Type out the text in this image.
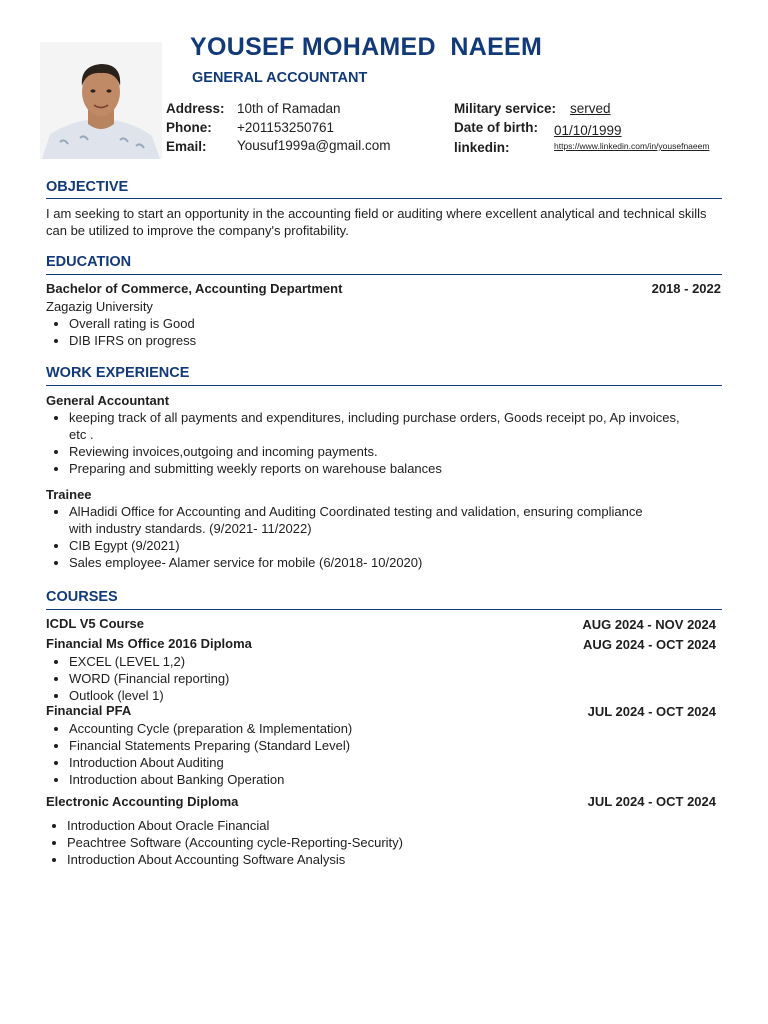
YOUSEF MOHAMED  NAEEM
GENERAL ACCOUNTANT
Address: 10th of Ramadan
Phone: +201153250761
Email: Yousuf1999a@gmail.com
Military service: served
Date of birth: 01/10/1999
linkedin:	https://www.linkedin.com/in/yousefnaeem
OBJECTIVE
I am seeking to start an opportunity in the accounting field or auditing where excellent analytical and technical skills can be utilized to improve the company's profitability.
EDUCATION
Bachelor of Commerce, Accounting Department	2018 - 2022
Zagazig University
• Overall rating is Good
• DIB IFRS on progress
WORK EXPERIENCE
General Accountant
• keeping track of all payments and expenditures, including purchase orders, Goods receipt po, Ap invoices, etc .
• Reviewing invoices,outgoing and incoming payments.
• Preparing and submitting weekly reports on warehouse balances
Trainee
• AlHadidi Office for Accounting and Auditing Coordinated testing and validation, ensuring compliance with industry standards. (9/2021- 11/2022)
• CIB Egypt (9/2021)
• Sales employee- Alamer service for mobile (6/2018- 10/2020)
COURSES
ICDL V5 Course	AUG 2024 - NOV 2024
Financial Ms Office 2016 Diploma	AUG 2024 - OCT 2024
• EXCEL (LEVEL 1,2)
• WORD (Financial reporting)
• Outlook (level 1)
Financial PFA	JUL 2024 - OCT 2024
• Accounting Cycle (preparation & Implementation)
• Financial Statements Preparing (Standard Level)
• Introduction About Auditing
• Introduction about Banking Operation
Electronic Accounting Diploma	JUL 2024 - OCT 2024
• Introduction About Oracle Financial
• Peachtree Software (Accounting cycle-Reporting-Security)
• Introduction About Accounting Software Analysis
